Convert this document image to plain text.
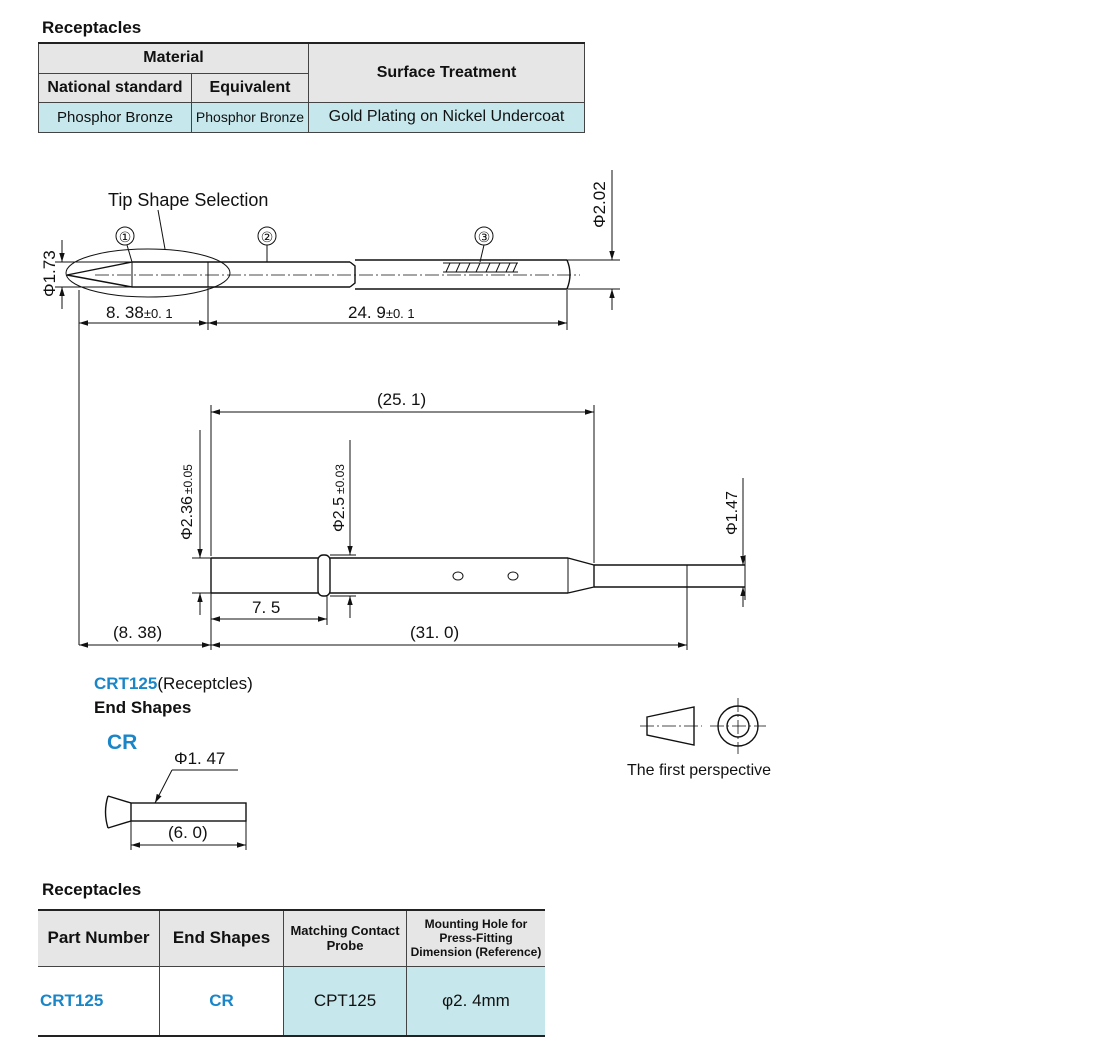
Receptacles
Material		Surface Treatment
National standard	Equivalent	
Phosphor Bronze	Phosphor Bronze	Gold Plating on Nickel Undercoat
Tip Shape Selection
①	②	③
Φ1.73
Φ2.02
8. 38±0. 1	24. 9±0. 1
(25. 1)
Φ2.36±0.05
Φ2.5±0.03
Φ1.47
7. 5
(8. 38)	(31. 0)
(6. 0)
Φ1. 47
CRT125(Receptcles)
End Shapes
CR
The first perspective
Receptacles
Part Number	End Shapes	Matching Contact Probe	Mounting Hole for Press-Fitting Dimension (Reference)
CRT125	CR	CPT125	φ2. 4mm
